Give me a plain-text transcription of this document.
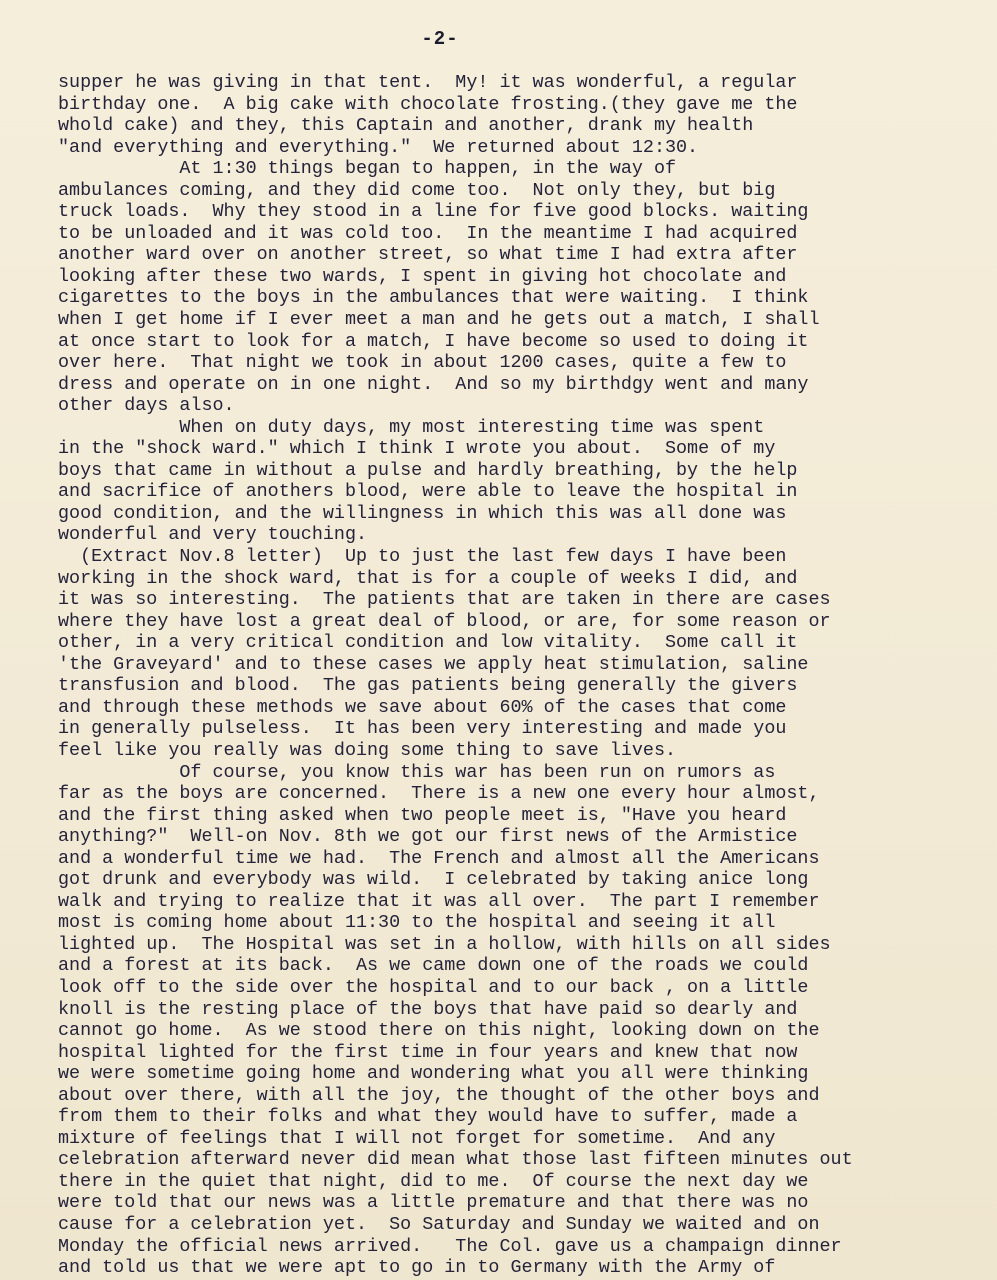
-2-
supper he was giving in that tent.  My! it was wonderful, a regular
birthday one.  A big cake with chocolate frosting.(they gave me the
whold cake) and they, this Captain and another, drank my health
"and everything and everything."  We returned about 12:30.
At 1:30 things began to happen, in the way of
ambulances coming, and they did come too.  Not only they, but big
truck loads.  Why they stood in a line for five good blocks. waiting
to be unloaded and it was cold too.  In the meantime I had acquired
another ward over on another street, so what time I had extra after
looking after these two wards, I spent in giving hot chocolate and
cigarettes to the boys in the ambulances that were waiting.  I think
when I get home if I ever meet a man and he gets out a match, I shall
at once start to look for a match, I have become so used to doing it
over here.  That night we took in about 1200 cases, quite a few to
dress and operate on in one night.  And so my birthdgy went and many
other days also.
When on duty days, my most interesting time was spent
in the "shock ward." which I think I wrote you about.  Some of my
boys that came in without a pulse and hardly breathing, by the help
and sacrifice of anothers blood, were able to leave the hospital in
good condition, and the willingness in which this was all done was
wonderful and very touching.
(Extract Nov.8 letter)  Up to just the last few days I have been
working in the shock ward, that is for a couple of weeks I did, and
it was so interesting.  The patients that are taken in there are cases
where they have lost a great deal of blood, or are, for some reason or
other, in a very critical condition and low vitality.  Some call it
'the Graveyard' and to these cases we apply heat stimulation, saline
transfusion and blood.  The gas patients being generally the givers
and through these methods we save about 60% of the cases that come
in generally pulseless.  It has been very interesting and made you
feel like you really was doing some thing to save lives.
Of course, you know this war has been run on rumors as
far as the boys are concerned.  There is a new one every hour almost,
and the first thing asked when two people meet is, "Have you heard
anything?"  Well-on Nov. 8th we got our first news of the Armistice
and a wonderful time we had.  The French and almost all the Americans
got drunk and everybody was wild.  I celebrated by taking anice long
walk and trying to realize that it was all over.  The part I remember
most is coming home about 11:30 to the hospital and seeing it all
lighted up.  The Hospital was set in a hollow, with hills on all sides
and a forest at its back.  As we came down one of the roads we could
look off to the side over the hospital and to our back , on a little
knoll is the resting place of the boys that have paid so dearly and
cannot go home.  As we stood there on this night, looking down on the
hospital lighted for the first time in four years and knew that now
we were sometime going home and wondering what you all were thinking
about over there, with all the joy, the thought of the other boys and
from them to their folks and what they would have to suffer, made a
mixture of feelings that I will not forget for sometime.  And any
celebration afterward never did mean what those last fifteen minutes out
there in the quiet that night, did to me.  Of course the next day we
were told that our news was a little premature and that there was no
cause for a celebration yet.  So Saturday and Sunday we waited and on
Monday the official news arrived.   The Col. gave us a champaign dinner
and told us that we were apt to go in to Germany with the Army of
